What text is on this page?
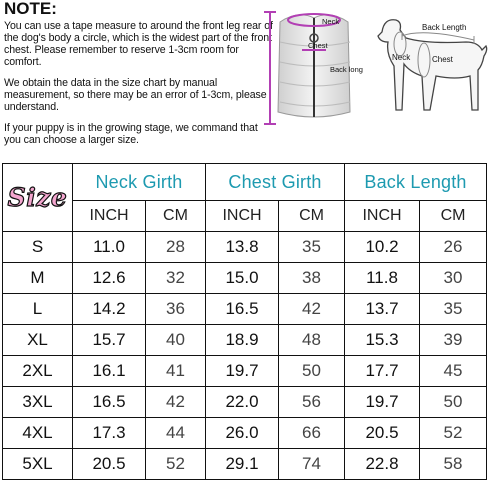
NOTE:

You can use a tape measure to around the front leg rear of the dog's body a circle, which is the widest part of the front chest. Please remember to reserve 1-3cm room for comfort.

We obtain the data in the size chart by manual measurement, so there may be an error of 1-3cm, please understand.

If your puppy is in the growing stage, we command that you can choose a larger size.

Neck
Chest
Back long
Back Length
Neck	Chest
Size	Neck Girth		Chest Girth		Back Length	
	INCH	CM	INCH	CM	INCH	CM
S	11.0	28	13.8	35	10.2	26
M	12.6	32	15.0	38	11.8	30
L	14.2	36	16.5	42	13.7	35
XL	15.7	40	18.9	48	15.3	39
2XL	16.1	41	19.7	50	17.7	45
3XL	16.5	42	22.0	56	19.7	50
4XL	17.3	44	26.0	66	20.5	52
5XL	20.5	52	29.1	74	22.8	58
